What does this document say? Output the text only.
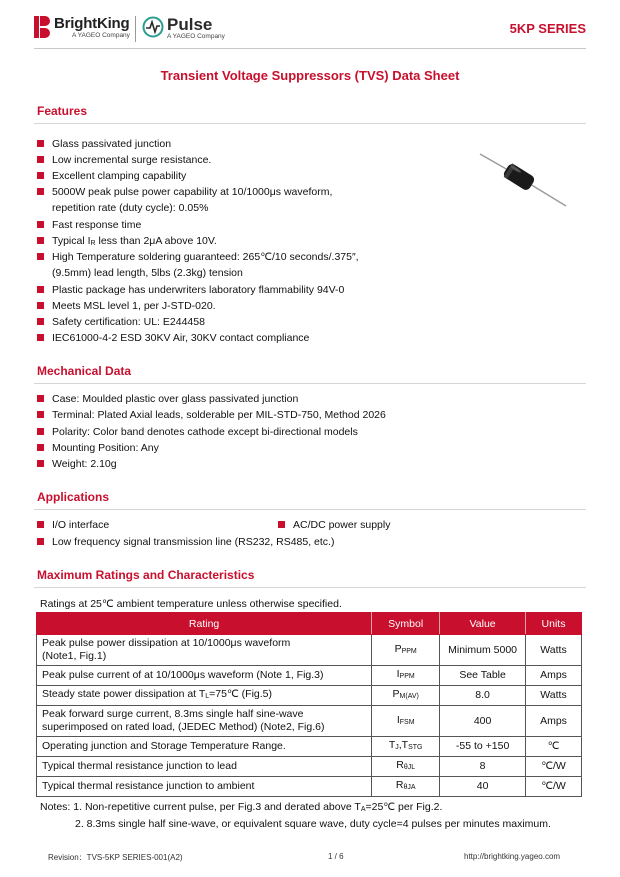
BrightKing
A YAGEO Company
Pulse
A YAGEO Company
5KP SERIES
Transient Voltage Suppressors (TVS) Data Sheet
Features
Glass passivated junction
Low incremental surge resistance.
Excellent clamping capability
5000W peak pulse power capability at 10/1000μs waveform,
repetition rate (duty cycle): 0.05%
Fast response time
Typical $I_R$ less than 2μA above 10V.
High Temperature soldering guaranteed: 265℃/10 seconds/.375″,
(9.5mm) lead length, 5lbs (2.3kg) tension
Plastic package has underwriters laboratory flammability 94V-0
Meets MSL level 1, per J-STD-020.
Safety certification: UL: E244458
IEC61000-4-2 ESD 30KV Air, 30KV contact compliance
Mechanical Data
Case: Moulded plastic over glass passivated junction
Terminal: Plated Axial leads, solderable per MIL-STD-750, Method 2026
Polarity: Color band denotes cathode except bi-directional models
Mounting Position: Any
Weight: 2.10g
Applications
I/O interface	AC/DC power supply
Low frequency signal transmission line (RS232, RS485, etc.)
Maximum Ratings and Characteristics
Ratings at 25℃ ambient temperature unless otherwise specified.
Rating	Symbol	Value	Units
Peak pulse power dissipation at 10/1000μs waveform
(Note1, Fig.1)	$P_{PPM}$	Minimum 5000	Watts
Peak pulse current of at 10/1000μs waveform (Note 1, Fig.3)	$I_{PPM}$	See Table	Amps
Steady state power dissipation at $T_L=75℃$ (Fig.5)	$P_{M(AV)}$	8.0	Watts
Peak forward surge current, 8.3ms single half sine-wave
superimposed on rated load, (JEDEC Method) (Note2, Fig.6)	$I_{FSM}$	400	Amps
Operating junction and Storage Temperature Range.	$T_J,T_{STG}$	-55 to +150	℃
Typical thermal resistance junction to lead	$R_{\theta JL}$	8	℃/W
Typical thermal resistance junction to ambient	$R_{\theta JA}$	40	℃/W
Notes: 1. Non-repetitive current pulse, per Fig.3 and derated above $T_A=25℃$ per Fig.2.
2. 8.3ms single half sine-wave, or equivalent square wave, duty cycle=4 pulses per minutes maximum.
Revision：TVS-5KP SERIES-001(A2)	1 / 6	http://brightking.yageo.com
